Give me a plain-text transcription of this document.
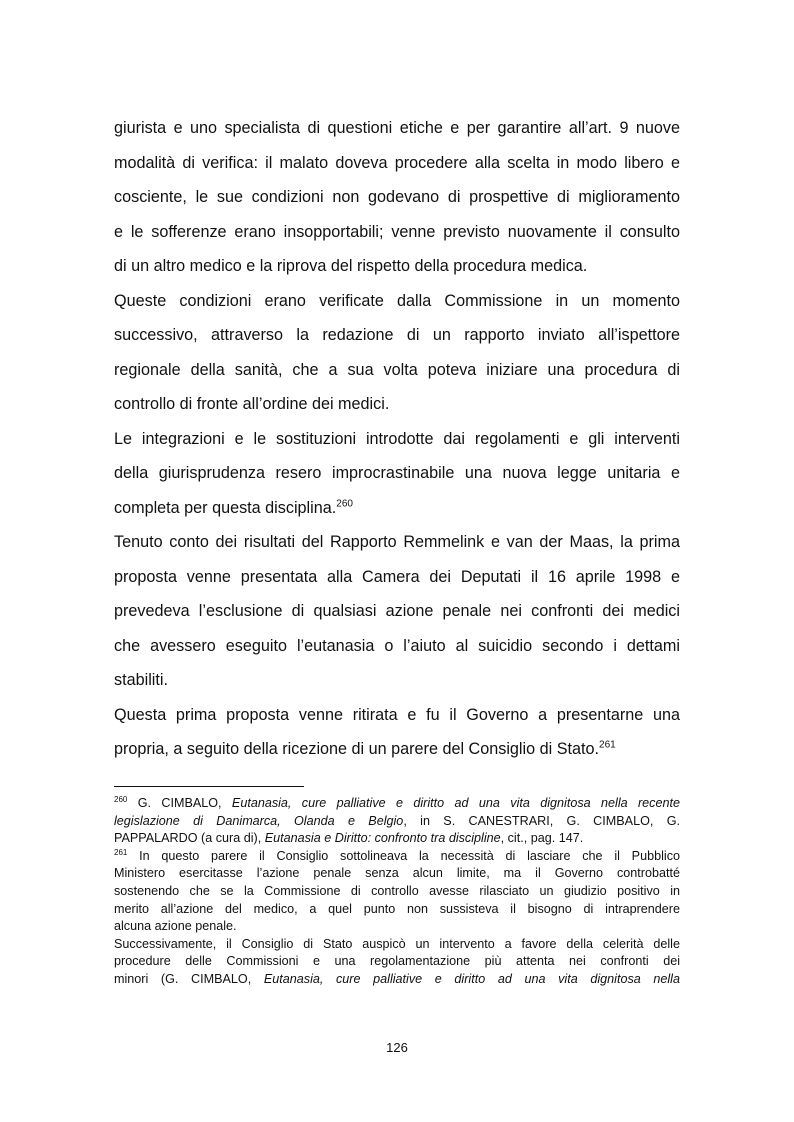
giurista e uno specialista di questioni etiche e per garantire all’art. 9 nuove
modalità di verifica: il malato doveva procedere alla scelta in modo libero e
cosciente, le sue condizioni non godevano di prospettive di miglioramento
e le sofferenze erano insopportabili; venne previsto nuovamente il consulto
di un altro medico e la riprova del rispetto della procedura medica.
Queste condizioni erano verificate dalla Commissione in un momento
successivo, attraverso la redazione di un rapporto inviato all’ispettore
regionale della sanità, che a sua volta poteva iniziare una procedura di
controllo di fronte all’ordine dei medici.
Le integrazioni e le sostituzioni introdotte dai regolamenti e gli interventi
della giurisprudenza resero improcrastinabile una nuova legge unitaria e
completa per questa disciplina.$^{260}$
Tenuto conto dei risultati del Rapporto Remmelink e van der Maas, la prima
proposta venne presentata alla Camera dei Deputati il 16 aprile 1998 e
prevedeva l’esclusione di qualsiasi azione penale nei confronti dei medici
che avessero eseguito l’eutanasia o l’aiuto al suicidio secondo i dettami
stabiliti.
Questa prima proposta venne ritirata e fu il Governo a presentarne una
propria, a seguito della ricezione di un parere del Consiglio di Stato.$^{261}$
$^{260}$ G. CIMBALO, Eutanasia, cure palliative e diritto ad una vita dignitosa nella recente
legislazione di Danimarca, Olanda e Belgio, in S. CANESTRARI, G. CIMBALO, G.
PAPPALARDO (a cura di), Eutanasia e Diritto: confronto tra discipline, cit., pag. 147.
$^{261}$ In questo parere il Consiglio sottolineava la necessità di lasciare che il Pubblico
Ministero esercitasse l’azione penale senza alcun limite, ma il Governo controbatté
sostenendo che se la Commissione di controllo avesse rilasciato un giudizio positivo in
merito all’azione del medico, a quel punto non sussisteva il bisogno di intraprendere
alcuna azione penale.
Successivamente, il Consiglio di Stato auspicò un intervento a favore della celerità delle
procedure delle Commissioni e una regolamentazione più attenta nei confronti dei
minori (G. CIMBALO, Eutanasia, cure palliative e diritto ad una vita dignitosa nella
126
